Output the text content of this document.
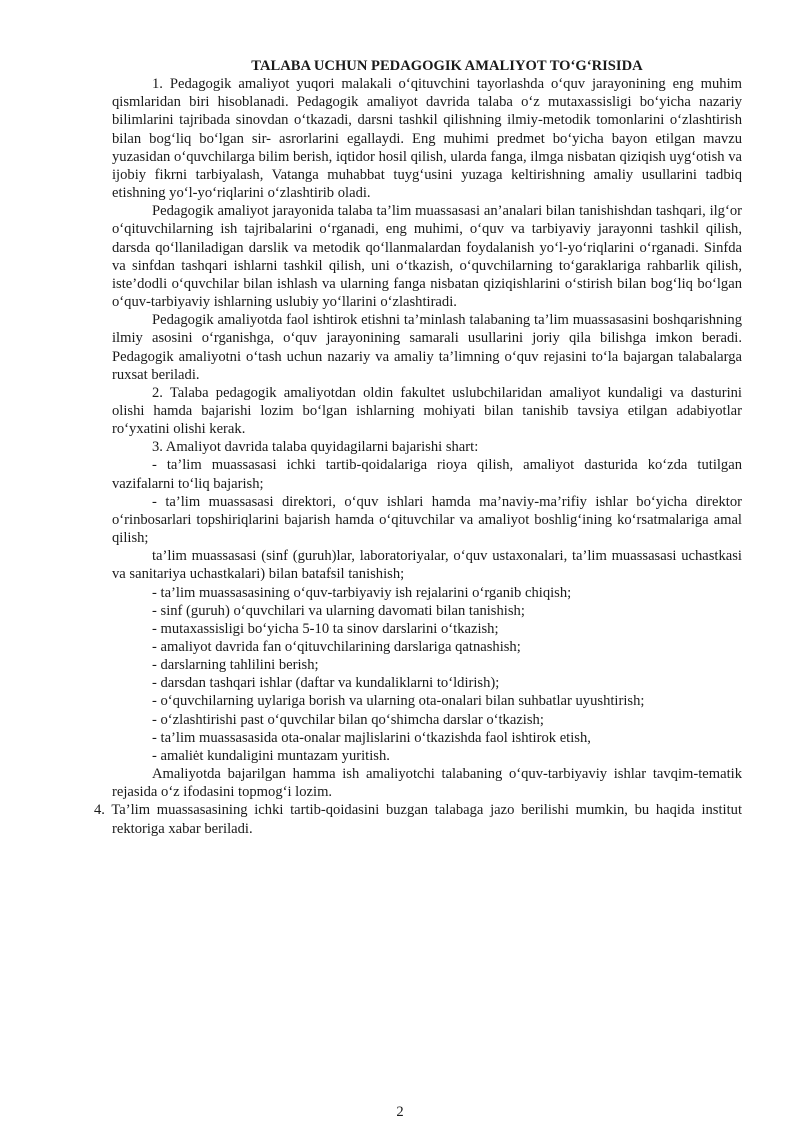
TALABA UCHUN PEDAGOGIK AMALIYOT TO‘G‘RISIDA

1. Pedagogik amaliyot yuqori malakali o‘qituvchini tayorlashda o‘quv jarayonining eng muhim qismlaridan biri hisoblanadi. Pedagogik amaliyot davrida talaba o‘z mutaxassisligi bo‘yicha nazariy bilimlarini tajribada sinovdan o‘tkazadi, darsni tashkil qilishning ilmiy-metodik tomonlarini o‘zlashtirish bilan bog‘liq bo‘lgan sir- asrorlarini egallaydi. Eng muhimi predmet bo‘yicha bayon etilgan mavzu yuzasidan o‘quvchilarga bilim berish, iqtidor hosil qilish, ularda fanga, ilmga nisbatan qiziqish uyg‘otish va ijobiy fikrni tarbiyalash, Vatanga muhabbat tuyg‘usini yuzaga keltirishning amaliy usullarini tadbiq etishning yo‘l-yo‘riqlarini o‘zlashtirib oladi.

Pedagogik amaliyot jarayonida talaba ta’lim muassasasi an’analari bilan tanishishdan tashqari, ilg‘or o‘qituvchilarning ish tajribalarini o‘rganadi, eng muhimi, o‘quv va tarbiyaviy jarayonni tashkil qilish, darsda qo‘llaniladigan darslik va metodik qo‘llanmalardan foydalanish yo‘l-yo‘riqlarini o‘rganadi. Sinfda va sinfdan tashqari ishlarni tashkil qilish, uni o‘tkazish, o‘quvchilarning to‘garaklariga rahbarlik qilish, iste’dodli o‘quvchilar bilan ishlash va ularning fanga nisbatan qiziqishlarini o‘stirish bilan bog‘liq bo‘lgan o‘quv-tarbiyaviy ishlarning uslubiy yo‘llarini o‘zlashtiradi.

Pedagogik amaliyotda faol ishtirok etishni ta’minlash talabaning ta’lim muassasasini boshqarishning ilmiy asosini o‘rganishga, o‘quv jarayonining samarali usullarini joriy qila bilishga imkon beradi. Pedagogik amaliyotni o‘tash uchun nazariy va amaliy ta’limning o‘quv rejasini to‘la bajargan talabalarga ruxsat beriladi.

2. Talaba pedagogik amaliyotdan oldin fakultet uslubchilaridan amaliyot kundaligi va dasturini olishi hamda bajarishi lozim bo‘lgan ishlarning mohiyati bilan tanishib tavsiya etilgan adabiyotlar ro‘yxatini olishi kerak.

3. Amaliyot davrida talaba quyidagilarni bajarishi shart:

- ta’lim muassasasi ichki tartib-qoidalariga rioya qilish, amaliyot dasturida ko‘zda tutilgan vazifalarni to‘liq bajarish;

- ta’lim muassasasi direktori, o‘quv ishlari hamda ma’naviy-ma’rifiy ishlar bo‘yicha direktor o‘rinbosarlari topshiriqlarini bajarish hamda o‘qituvchilar va amaliyot boshlig‘ining ko‘rsatmalariga amal qilish;

ta’lim muassasasi (sinf (guruh)lar, laboratoriyalar, o‘quv ustaxonalari, ta’lim muassasasi uchastkasi va sanitariya uchastkalari) bilan batafsil tanishish;

- ta’lim muassasasining o‘quv-tarbiyaviy ish rejalarini o‘rganib chiqish;

- sinf (guruh) o‘quvchilari va ularning davomati bilan tanishish;

- mutaxassisligi bo‘yicha 5-10 ta sinov darslarini o‘tkazish;

- amaliyot davrida fan o‘qituvchilarining darslariga qatnashish;

- darslarning tahlilini berish;

- darsdan tashqari ishlar (daftar va kundaliklarni to‘ldirish);

- o‘quvchilarning uylariga borish va ularning ota-onalari bilan suhbatlar uyushtirish;

- o‘zlashtirishi past o‘quvchilar bilan qo‘shimcha darslar o‘tkazish;

- ta’lim muassasasida ota-onalar majlislarini o‘tkazishda faol ishtirok etish,

- amaliėt kundaligini muntazam yuritish.

Amaliyotda bajarilgan hamma ish amaliyotchi talabaning o‘quv-tarbiyaviy ishlar tavqim-tematik rejasida o‘z ifodasini topmog‘i lozim.

4. Ta’lim muassasasining ichki tartib-qoidasini buzgan talabaga jazo berilishi mumkin, bu haqida institut rektoriga xabar beriladi.

2
